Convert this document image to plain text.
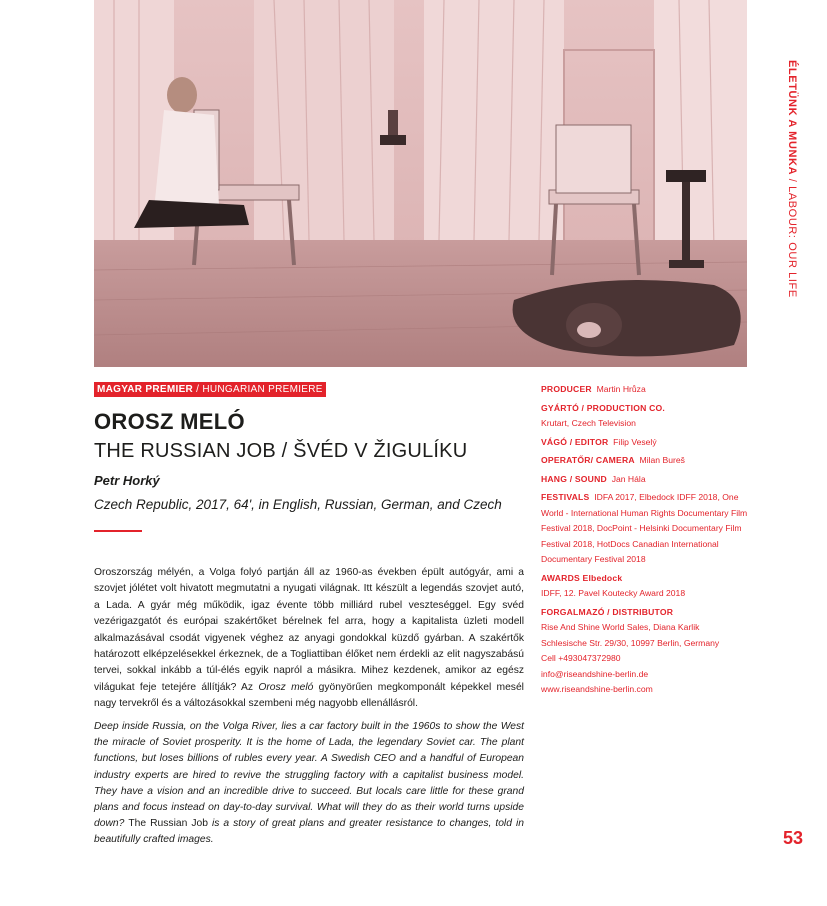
ÉLETÜNK A MUNKA / LABOUR: OUR LIFE
53
MAGYAR PREMIER / HUNGARIAN PREMIERE
OROSZ MELÓ
THE RUSSIAN JOB / ŠVÉD V ŽIGULÍKU
Petr Horký
Czech Republic, 2017, 64', in English, Russian, German, and Czech
Oroszország mélyén, a Volga folyó partján áll az 1960-as években épült autógyár, ami a szovjet jólétet volt hivatott megmutatni a nyugati világnak. Itt készült a legendás szovjet autó, a Lada. A gyár még működik, igaz évente több milliárd rubel veszteséggel. Egy svéd vezérigazgatót és európai szakértőket bérelnek fel arra, hogy a kapitalista üzleti modell alkalmazásával csodát vigyenek véghez az anyagi gondokkal küzdő gyárban. A szakértők határozott elképzelésekkel érkeznek, de a Togliattiban élőket nem érdekli az elit nagyszabású tervei, sokkal inkább a túl-élés egyik napról a másikra. Mihez kezdenek, amikor az egész világukat feje tetejére állítják? Az Orosz meló gyönyörűen megkomponált képekkel mesél nagy tervekről és a változásokkal szembeni még nagyobb ellenállásról.
Deep inside Russia, on the Volga River, lies a car factory built in the 1960s to show the West the miracle of Soviet prosperity. It is the home of Lada, the legendary Soviet car. The plant functions, but loses billions of rubles every year. A Swedish CEO and a handful of European industry experts are hired to revive the struggling factory with a capitalist business model. They have a vision and an incredible drive to succeed. But locals care little for these grand plans and focus instead on day-to-day survival. What will they do as their world turns upside down? The Russian Job is a story of great plans and greater resistance to changes, told in beautifully crafted images.
PRODUCER Martin Hrůza
GYÁRTÓ / PRODUCTION CO.
Krutart, Czech Television
VÁGÓ / EDITOR Filip Veselý
OPERATŐR/ CAMERA Milan Bureš
HANG / SOUND Jan Hála
FESTIVALS IDFA 2017, Elbedock IDFF 2018, One World - International Human Rights Documentary Film Festival 2018, DocPoint - Helsinki Documentary Film Festival 2018, HotDocs Canadian International Documentary Festival 2018
AWARDS Elbedock
IDFF, 12. Pavel Koutecky Award 2018
FORGALMAZÓ / DISTRIBUTOR
Rise And Shine World Sales, Diana Karlik
Schlesische Str. 29/30, 10997 Berlin, Germany
Cell +493047372980
info@riseandshine-berlin.de
www.riseandshine-berlin.com
